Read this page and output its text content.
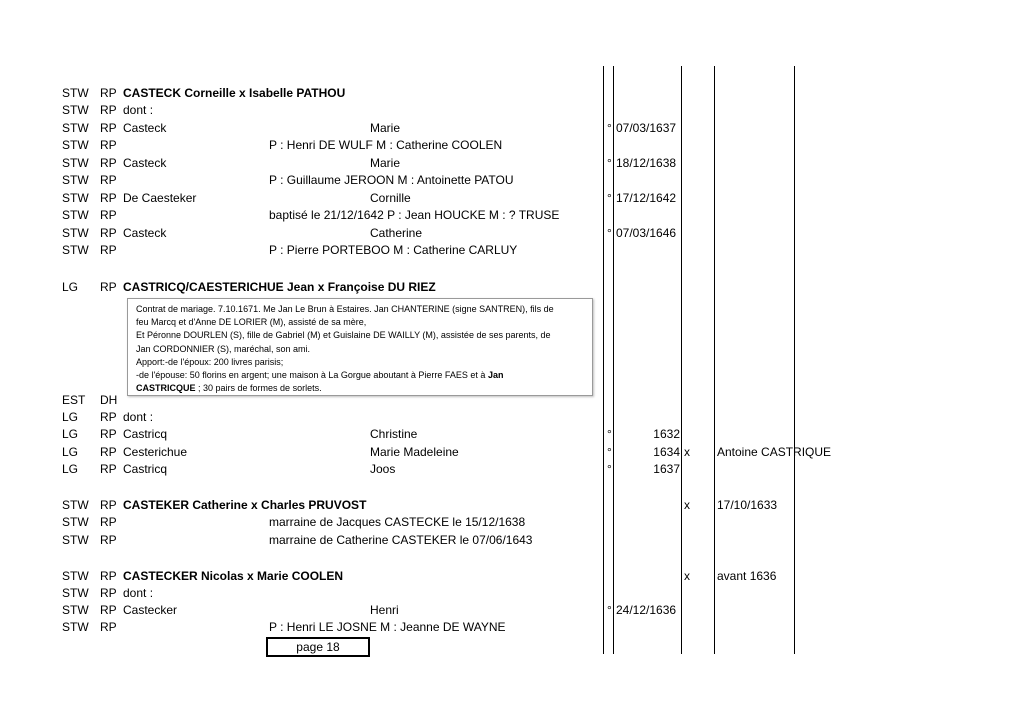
STW RP CASTECK Corneille x Isabelle PATHOU
STW RP dont :
STW RP Casteck	Marie	° 07/03/1637
STW RP	P : Henri DE WULF M : Catherine COOLEN
STW RP Casteck	Marie	° 18/12/1638
STW RP	P : Guillaume JEROON M : Antoinette PATOU
STW RP De Caesteker	Cornille	° 17/12/1642
STW RP	baptisé le 21/12/1642 P : Jean HOUCKE M : ? TRUSE
STW RP Casteck	Catherine	° 07/03/1646
STW RP	P : Pierre PORTEBOO M : Catherine CARLUY
LG RP CASTRICQ/CAESTERICHUE Jean x Françoise DU RIEZ
EST DH
LG RP dont :
LG RP Castricq	Christine	°	1632
LG RP Cesterichue	Marie Madeleine	°	1634 x Antoine CASTRIQUE
LG RP Castricq	Joos	°	1637
STW RP CASTEKER Catherine x Charles PRUVOST	x 17/10/1633
STW RP	marraine de Jacques CASTECKE le 15/12/1638
STW RP	marraine de Catherine CASTEKER le 07/06/1643
STW RP CASTECKER Nicolas x Marie COOLEN	x avant 1636
STW RP dont :
STW RP Castecker	Henri	° 24/12/1636
STW RP	P : Henri LE JOSNE M : Jeanne DE WAYNE
Contrat de mariage. 7.10.1671. Me Jan Le Brun à Estaires. Jan CHANTERINE (signe SANTREN), fils de
feu Marcq et d'Anne DE LORIER (M), assisté de sa mère,
Et Péronne DOURLEN (S), fille de Gabriel (M) et Guislaine DE WAILLY (M), assistée de ses parents, de
Jan CORDONNIER (S), maréchal, son ami.
Apport:-de l'époux: 200 livres parisis;
-de l'épouse: 50 florins en argent; une maison à La Gorgue aboutant à Pierre FAES et à Jan
CASTRICQUE ; 30 pairs de formes de sorlets.
page 18
